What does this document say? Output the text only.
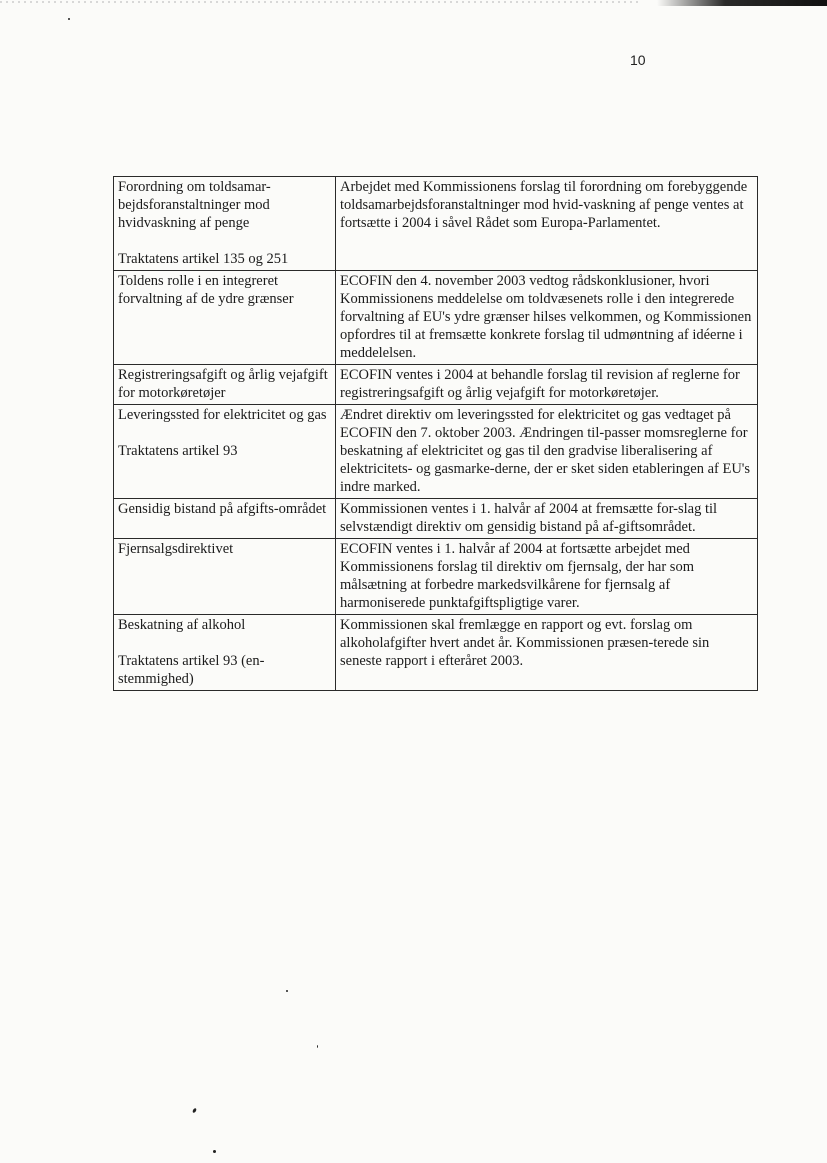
10
Forordning om toldsamar-bejdsforanstaltninger mod hvidvaskning af penge
Traktatens artikel 135 og 251	Arbejdet med Kommissionens forslag til forordning om forebyggende toldsamarbejdsforanstaltninger mod hvid-vaskning af penge ventes at fortsætte i 2004 i såvel Rådet som Europa-Parlamentet.

Toldens rolle i en integreret forvaltning af de ydre grænser	ECOFIN den 4. november 2003 vedtog rådskonklusioner, hvori Kommissionens meddelelse om toldvæsenets rolle i den integrerede forvaltning af EU's ydre grænser hilses velkommen, og Kommissionen opfordres til at fremsætte konkrete forslag til udmøntning af idéerne i meddelelsen.

Registreringsafgift og årlig vejafgift for motorkøretøjer	ECOFIN ventes i 2004 at behandle forslag til revision af reglerne for registreringsafgift og årlig vejafgift for motorkøretøjer.

Leveringssted for elektricitet og gas
Traktatens artikel 93	Ændret direktiv om leveringssted for elektricitet og gas vedtaget på ECOFIN den 7. oktober 2003. Ændringen til-passer momsreglerne for beskatning af elektricitet og gas til den gradvise liberalisering af elektricitets- og gasmarke-derne, der er sket siden etableringen af EU's indre marked.

Gensidig bistand på afgifts-området	Kommissionen ventes i 1. halvår af 2004 at fremsætte for-slag til selvstændigt direktiv om gensidig bistand på af-giftsområdet.

Fjernsalgsdirektivet	ECOFIN ventes i 1. halvår af 2004 at fortsætte arbejdet med Kommissionens forslag til direktiv om fjernsalg, der har som målsætning at forbedre markedsvilkårene for fjernsalg af harmoniserede punktafgiftspligtige varer.

Beskatning af alkohol
Traktatens artikel 93 (en-stemmighed)	Kommissionen skal fremlægge en rapport og evt. forslag om alkoholafgifter hvert andet år. Kommissionen præsen-terede sin seneste rapport i efteråret 2003.
